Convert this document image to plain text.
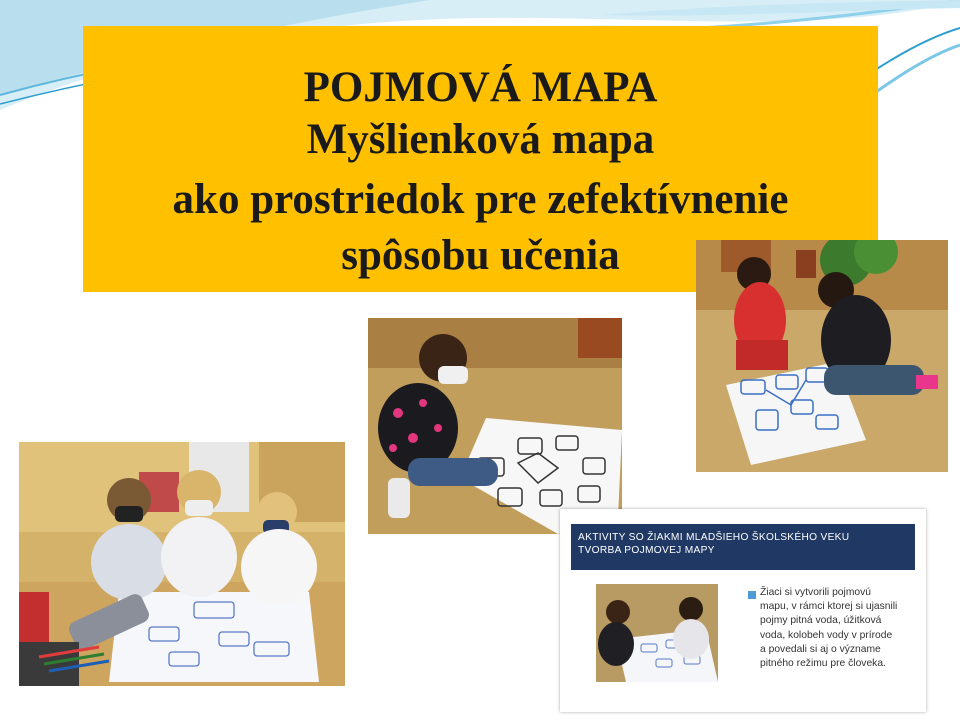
POJMOVÁ MAPA
Myšlienková mapa
ako prostriedok pre zefektívnenie
spôsobu učenia
AKTIVITY SO ŽIAKMI MLADŠIEHO ŠKOLSKÉHO VEKU
TVORBA POJMOVEJ MAPY
Žiaci si vytvorili pojmovú
mapu, v rámci ktorej si ujasnili
pojmy pitná voda, úžitková
voda, kolobeh vody v prírode
a povedali si aj o význame
pitného režimu pre človeka.
